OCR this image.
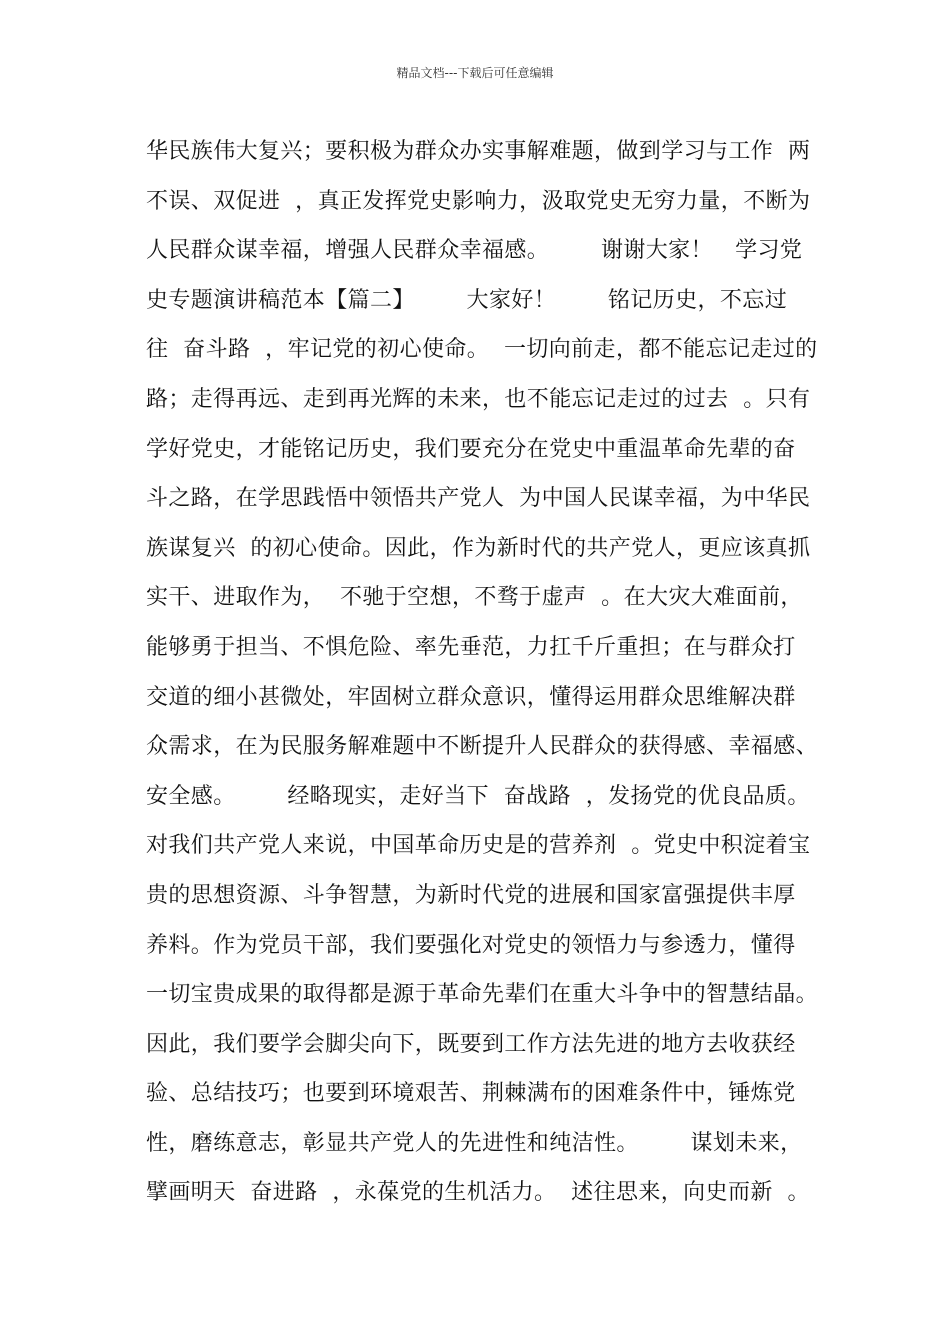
精品文档---下载后可任意编辑
华民族伟大复兴；要积极为群众办实事解难题，做到学习与工作  两
不误、双促进  ，真正发挥党史影响力，汲取党史无穷力量，不断为
人民群众谋幸福，增强人民群众幸福感。       谢谢大家！   学习党
史专题演讲稿范本【篇二】       大家好！       铭记历史，不忘过
往  奋斗路  ，牢记党的初心使命。  一切向前走，都不能忘记走过的
路；走得再远、走到再光辉的未来，也不能忘记走过的过去  。只有
学好党史，才能铭记历史，我们要充分在党史中重温革命先辈的奋
斗之路，在学思践悟中领悟共产党人  为中国人民谋幸福，为中华民
族谋复兴  的初心使命。因此，作为新时代的共产党人，更应该真抓
实干、进取作为，  不驰于空想，不骛于虚声  。在大灾大难面前，
能够勇于担当、不惧危险、率先垂范，力扛千斤重担；在与群众打
交道的细小甚微处，牢固树立群众意识，懂得运用群众思维解决群
众需求，在为民服务解难题中不断提升人民群众的获得感、幸福感、
安全感。       经略现实，走好当下  奋战路  ，发扬党的优良品质。
对我们共产党人来说，中国革命历史是的营养剂  。党史中积淀着宝
贵的思想资源、斗争智慧，为新时代党的进展和国家富强提供丰厚
养料。作为党员干部，我们要强化对党史的领悟力与参透力，懂得
一切宝贵成果的取得都是源于革命先辈们在重大斗争中的智慧结晶。
因此，我们要学会脚尖向下，既要到工作方法先进的地方去收获经
验、总结技巧；也要到环境艰苦、荆棘满布的困难条件中，锤炼党
性，磨练意志，彰显共产党人的先进性和纯洁性。       谋划未来，
擘画明天  奋进路  ，永葆党的生机活力。  述往思来，向史而新  。
